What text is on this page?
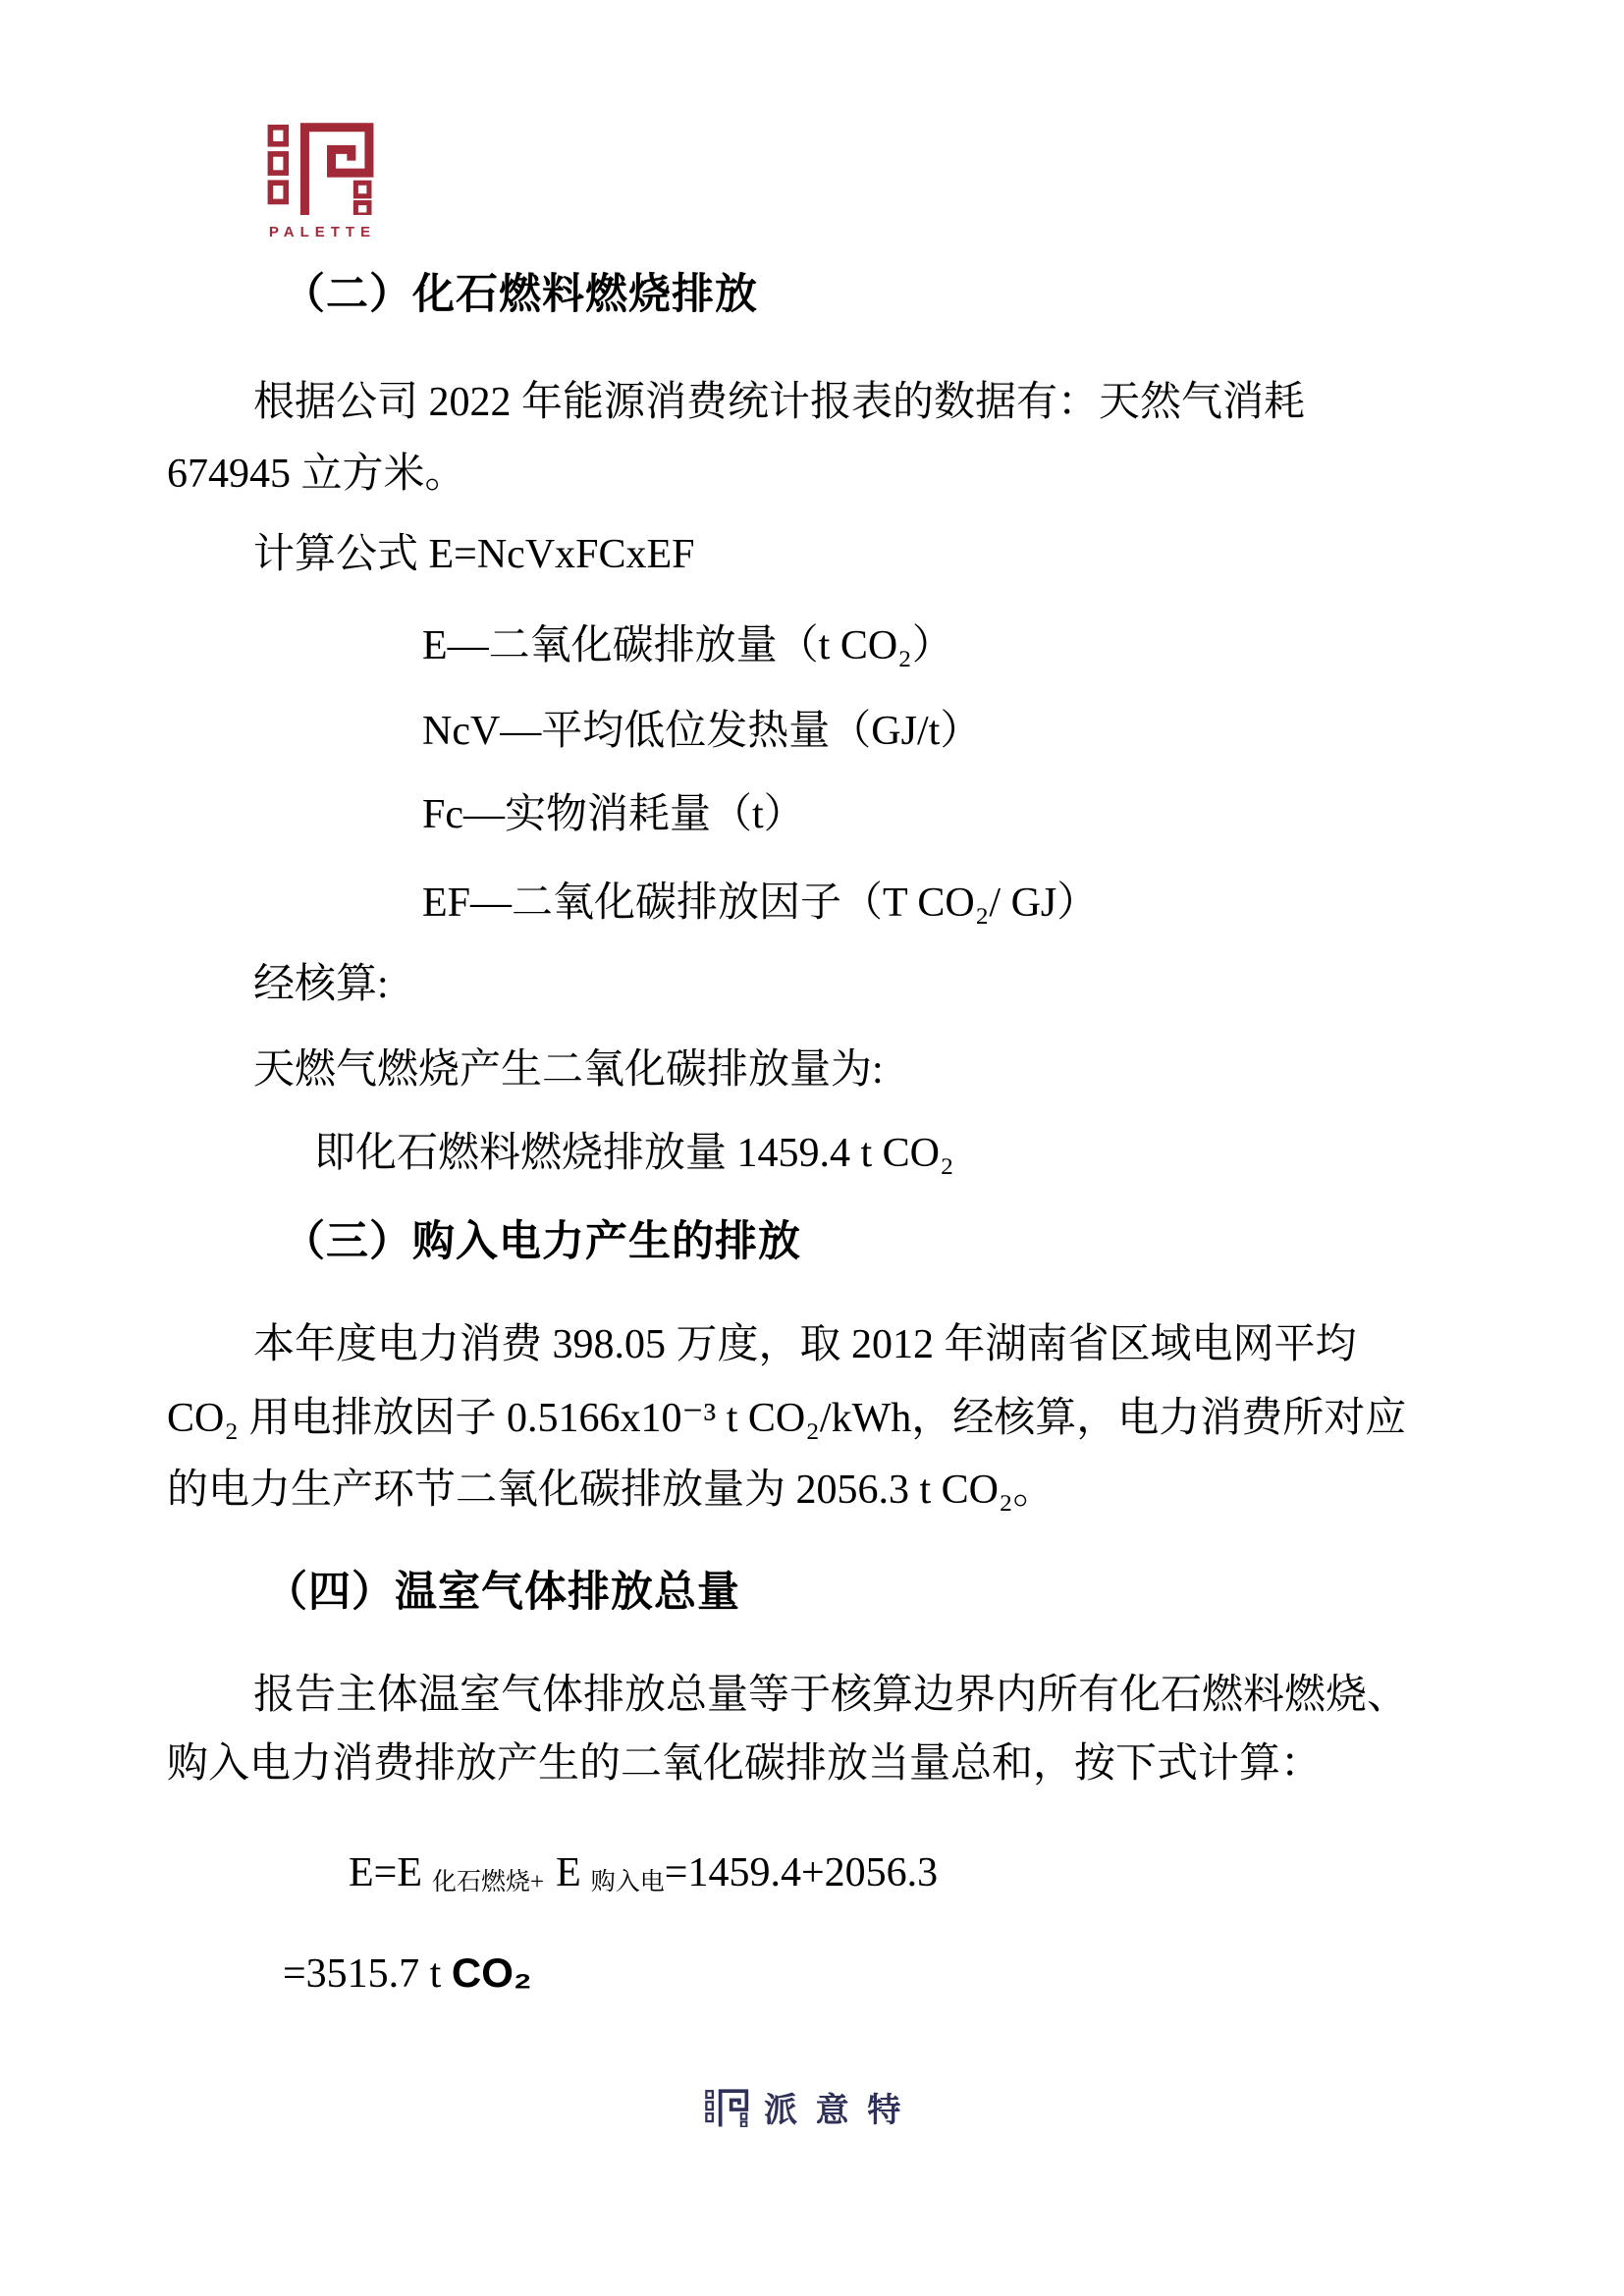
PALETTE
（二）化石燃料燃烧排放
根据公司 2022 年能源消费统计报表的数据有：天然气消耗
674945 立方米。
计算公式 E=NcVxFCxEF
E—二氧化碳排放量（t CO₂）
NcV—平均低位发热量（GJ/t）
Fc—实物消耗量（t）
EF—二氧化碳排放因子（T CO₂/ GJ）
经核算:
天燃气燃烧产生二氧化碳排放量为:
即化石燃料燃烧排放量 1459.4 t CO₂
（三）购入电力产生的排放
本年度电力消费 398.05 万度，取 2012 年湖南省区域电网平均
CO₂ 用电排放因子 0.5166x10⁻³ t CO₂/kWh，经核算，电力消费所对应
的电力生产环节二氧化碳排放量为 2056.3 t CO₂。
（四）温室气体排放总量
报告主体温室气体排放总量等于核算边界内所有化石燃料燃烧、
购入电力消费排放产生的二氧化碳排放当量总和，按下式计算：
E=E 化石燃烧+ E 购入电=1459.4+2056.3
=3515.7 t CO₂
派意特
